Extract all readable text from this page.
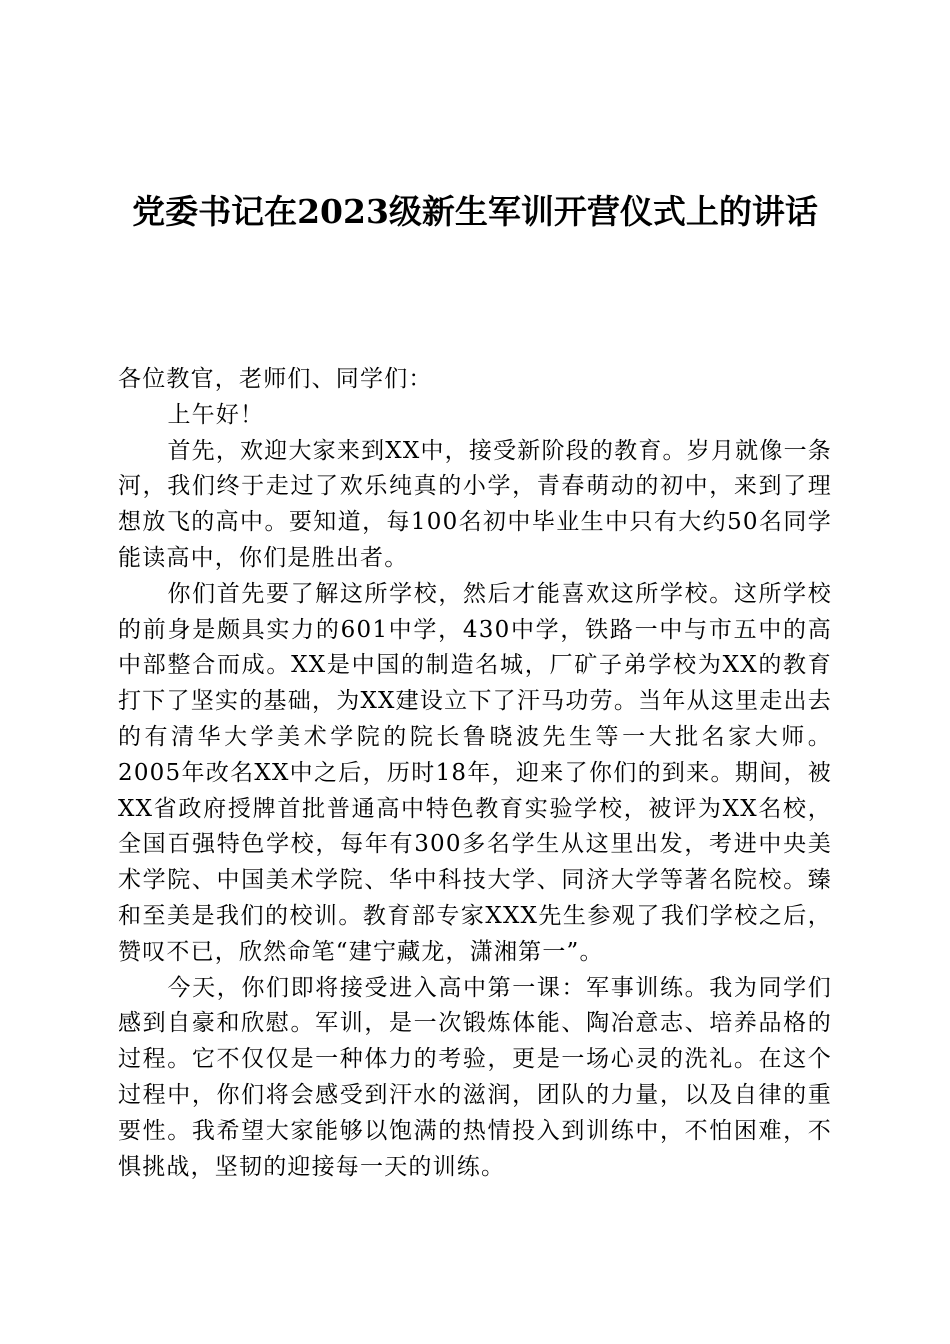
党委书记在2023级新生军训开营仪式上的讲话

各位教官，老师们、同学们：

上午好！

首先，欢迎大家来到XX中，接受新阶段的教育。岁月就像一条河，我们终于走过了欢乐纯真的小学，青春萌动的初中，来到了理想放飞的高中。要知道，每100名初中毕业生中只有大约50名同学能读高中，你们是胜出者。

你们首先要了解这所学校，然后才能喜欢这所学校。这所学校的前身是颇具实力的601中学，430中学，铁路一中与市五中的高中部整合而成。XX是中国的制造名城，厂矿子弟学校为XX的教育打下了坚实的基础，为XX建设立下了汗马功劳。当年从这里走出去的有清华大学美术学院的院长鲁晓波先生等一大批名家大师。2005年改名XX中之后，历时18年，迎来了你们的到来。期间，被XX省政府授牌首批普通高中特色教育实验学校，被评为XX名校，全国百强特色学校，每年有300多名学生从这里出发，考进中央美术学院、中国美术学院、华中科技大学、同济大学等著名院校。臻和至美是我们的校训。教育部专家XXX先生参观了我们学校之后，赞叹不已，欣然命笔“建宁藏龙，潇湘第一”。

今天，你们即将接受进入高中第一课：军事训练。我为同学们感到自豪和欣慰。军训，是一次锻炼体能、陶冶意志、培养品格的过程。它不仅仅是一种体力的考验，更是一场心灵的洗礼。在这个过程中，你们将会感受到汗水的滋润，团队的力量，以及自律的重要性。我希望大家能够以饱满的热情投入到训练中，不怕困难，不惧挑战，坚韧的迎接每一天的训练。
